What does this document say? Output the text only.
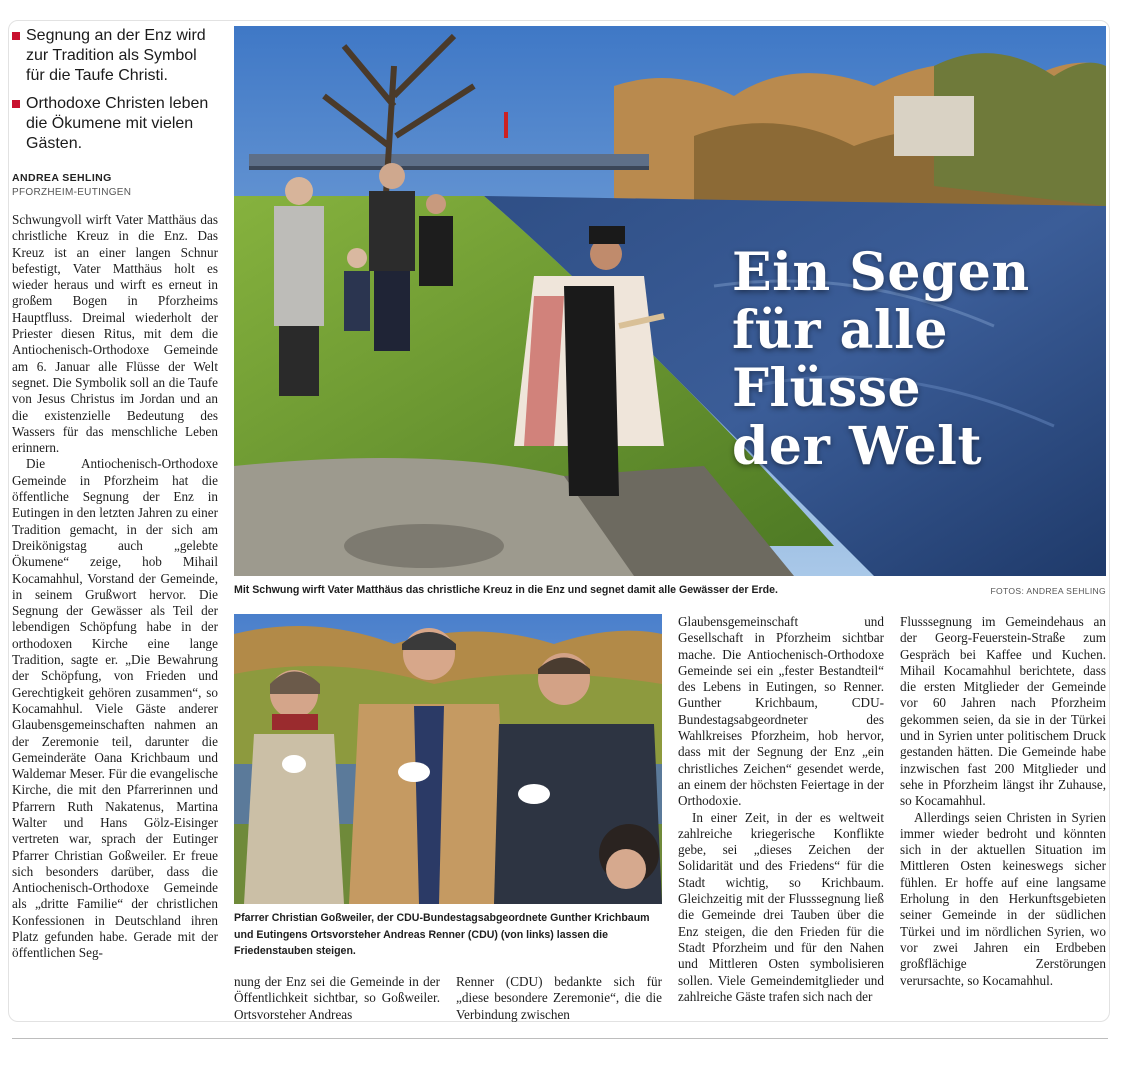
Segnung an der Enz wird zur Tradition als Symbol für die Taufe Christi.
Orthodoxe Christen leben die Ökumene mit vielen Gästen.
ANDREA SEHLING
PFORZHEIM-EUTINGEN

Schwungvoll wirft Vater Matthäus das christliche Kreuz in die Enz. Das Kreuz ist an einer langen Schnur befestigt, Vater Matthäus holt es wieder heraus und wirft es erneut in großem Bogen in Pforzheims Hauptfluss. Dreimal wiederholt der Priester diesen Ritus, mit dem die Antiochenisch-Orthodoxe Gemeinde am 6. Januar alle Flüsse der Welt segnet. Die Symbolik soll an die Taufe von Jesus Christus im Jordan und an die existenzielle Bedeutung des Wassers für das menschliche Leben erinnern.

Die Antiochenisch-Orthodoxe Gemeinde in Pforzheim hat die öffentliche Segnung der Enz in Eutingen in den letzten Jahren zu einer Tradition gemacht, in der sich am Dreikönigstag auch „gelebte Ökumene“ zeige, hob Mihail Kocamahhul, Vorstand der Gemeinde, in seinem Grußwort hervor. Die Segnung der Gewässer als Teil der lebendigen Schöpfung habe in der orthodoxen Kirche eine lange Tradition, sagte er. „Die Bewahrung der Schöpfung, von Frieden und Gerechtigkeit gehören zusammen“, so Kocamahhul. Viele Gäste anderer Glaubensgemeinschaften nahmen an der Zeremonie teil, darunter die Gemeinderäte Oana Krichbaum und Waldemar Meser. Für die evangelische Kirche, die mit den Pfarrerinnen und Pfarrern Ruth Nakatenus, Martina Walter und Hans Gölz-Eisinger vertreten war, sprach der Eutinger Pfarrer Christian Goßweiler. Er freue sich besonders darüber, dass die Antiochenisch-Orthodoxe Gemeinde als „dritte Familie“ der christlichen Konfessionen in Deutschland ihren Platz gefunden habe. Gerade mit der öffentlichen Seg-

Ein Segen
für alle
Flüsse
der Welt
Mit Schwung wirft Vater Matthäus das christliche Kreuz in die Enz und segnet damit alle Gewässer der Erde.	FOTOS: ANDREA SEHLING
Pfarrer Christian Goßweiler, der CDU-Bundestagsabgeordnete Gunther Krichbaum und Eutingens Ortsvorsteher Andreas Renner (CDU) (von links) lassen die Friedenstauben steigen.

nung der Enz sei die Gemeinde in der Öffentlichkeit sichtbar, so Goßweiler. Ortsvorsteher Andreas

Renner (CDU) bedankte sich für „diese besondere Zeremonie“, die die Verbindung zwischen

Glaubensgemeinschaft und Gesellschaft in Pforzheim sichtbar mache. Die Antiochenisch-Orthodoxe Gemeinde sei ein „fester Bestandteil“ des Lebens in Eutingen, so Renner. Gunther Krichbaum, CDU-Bundestagsabgeordneter des Wahlkreises Pforzheim, hob hervor, dass mit der Segnung der Enz „ein christliches Zeichen“ gesendet werde, an einem der höchsten Feiertage in der Orthodoxie.

In einer Zeit, in der es weltweit zahlreiche kriegerische Konflikte gebe, sei „dieses Zeichen der Solidarität und des Friedens“ für die Stadt wichtig, so Krichbaum. Gleichzeitig mit der Flusssegnung ließ die Gemeinde drei Tauben über die Enz steigen, die den Frieden für die Stadt Pforzheim und für den Nahen und Mittleren Osten symbolisieren sollen. Viele Gemeindemitglieder und zahlreiche Gäste trafen sich nach der

Flusssegnung im Gemeindehaus an der Georg-Feuerstein-Straße zum Gespräch bei Kaffee und Kuchen. Mihail Kocamahhul berichtete, dass die ersten Mitglieder der Gemeinde vor 60 Jahren nach Pforzheim gekommen seien, da sie in der Türkei und in Syrien unter politischem Druck gestanden hätten. Die Gemeinde habe inzwischen fast 200 Mitglieder und sehe in Pforzheim längst ihr Zuhause, so Kocamahhul.

Allerdings seien Christen in Syrien immer wieder bedroht und könnten sich in der aktuellen Situation im Mittleren Osten keineswegs sicher fühlen. Er hoffe auf eine langsame Erholung in den Herkunftsgebieten seiner Gemeinde in der südlichen Türkei und im nördlichen Syrien, wo vor zwei Jahren ein Erdbeben großflächige Zerstörungen verursachte, so Kocamahhul.
